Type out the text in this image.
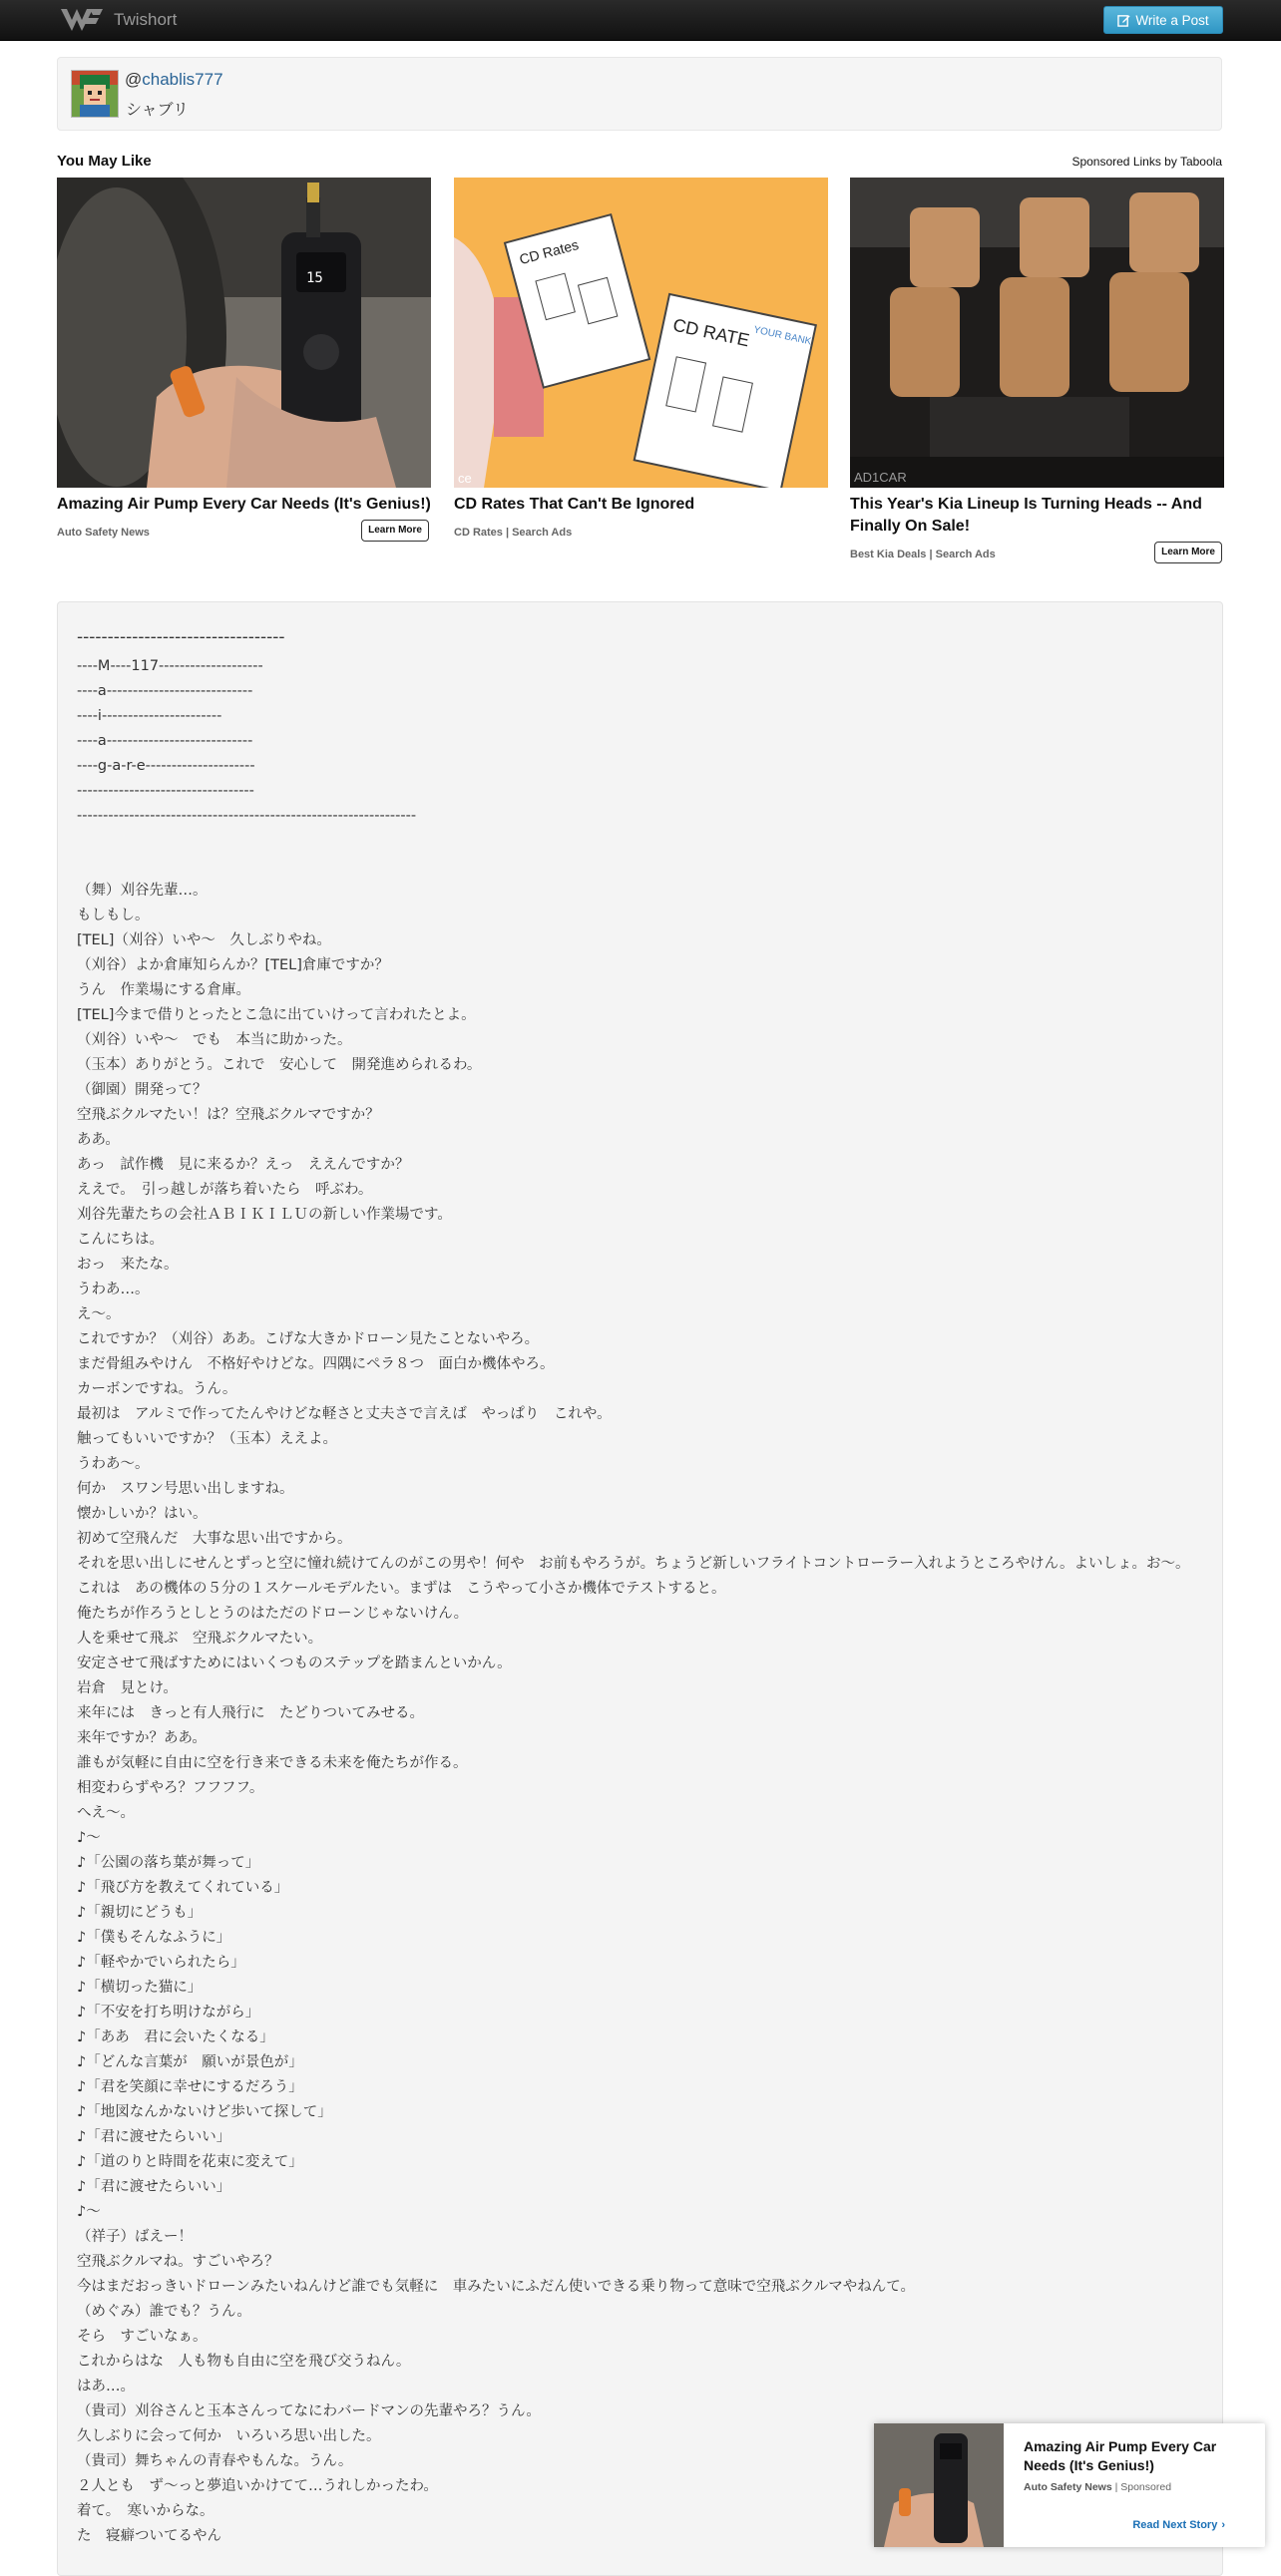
Twishort	Write a Post
@chablis777
シャブリ
You May Like	Sponsored Links by Taboola
15
Amazing Air Pump Every Car Needs (It's Genius!)
Auto Safety News	Learn More
CD Rates
CD RATE YOUR BANK
ce
CD Rates That Can't Be Ignored
CD Rates | Search Ads
AD1CAR
This Year's Kia Lineup Is Turning Heads -- And Finally On Sale!
Best Kia Deals | Search Ads	Learn More
----------------------------------
----M----117--------------------
----a----------------------------
----i-----------------------
----a----------------------------
----g-a-r-e---------------------
----------------------------------
-----------------------------------------------------------------

（舞）刈谷先輩…。
もしもし。
[TEL]（刈谷）いや～　久しぶりやね。
（刈谷）よか倉庫知らんか？[TEL]倉庫ですか？
うん　作業場にする倉庫。
[TEL]今まで借りとったとこ急に出ていけって言われたとよ。
（刈谷）いや～　でも　本当に助かった。
（玉本）ありがとう。これで　安心して　開発進められるわ。
（御園）開発って？
空飛ぶクルマたい！は？空飛ぶクルマですか？
ああ。
あっ　試作機　見に来るか？えっ　ええんですか？
ええで。　引っ越しが落ち着いたら　呼ぶわ。
刈谷先輩たちの会社ＡＢＩＫＩＬＵの新しい作業場です。
こんにちは。
おっ　来たな。
うわあ…。
え～。
これですか？（刈谷）ああ。こげな大きかドローン見たことないやろ。
まだ骨組みやけん　不格好やけどな。四隅にペラ８つ　面白か機体やろ。
カーボンですね。うん。
最初は　アルミで作ってたんやけどな軽さと丈夫さで言えば　やっぱり　これや。
触ってもいいですか？（玉本）ええよ。
うわあ～。
何か　スワン号思い出しますね。
懐かしいか？はい。
初めて空飛んだ　大事な思い出ですから。
それを思い出しにせんとずっと空に憧れ続けてんのがこの男や！何や　お前もやろうが。ちょうど新しいフライトコントローラー入れようところやけん。よいしょ。お～。
これは　あの機体の５分の１スケールモデルたい。まずは　こうやって小さか機体でテストすると。
俺たちが作ろうとしとうのはただのドローンじゃないけん。
人を乗せて飛ぶ　空飛ぶクルマたい。
安定させて飛ばすためにはいくつものステップを踏まんといかん。
岩倉　見とけ。
来年には　きっと有人飛行に　たどりついてみせる。
来年ですか？ああ。
誰もが気軽に自由に空を行き来できる未来を俺たちが作る。
相変わらずやろ？フフフフ。
へえ～。
♪～
♪「公園の落ち葉が舞って」
♪「飛び方を教えてくれている」
♪「親切にどうも」
♪「僕もそんなふうに」
♪「軽やかでいられたら」
♪「横切った猫に」
♪「不安を打ち明けながら」
♪「ああ　君に会いたくなる」
♪「どんな言葉が　願いが景色が」
♪「君を笑顔に幸せにするだろう」
♪「地図なんかないけど歩いて探して」
♪「君に渡せたらいい」
♪「道のりと時間を花束に変えて」
♪「君に渡せたらいい」
♪～
（祥子）ばえー！
空飛ぶクルマね。すごいやろ？
今はまだおっきいドローンみたいねんけど誰でも気軽に　車みたいにふだん使いできる乗り物って意味で空飛ぶクルマやねんて。
（めぐみ）誰でも？うん。
そら　すごいなぁ。
これからはな　人も物も自由に空を飛び交うねん。
はあ…。
（貴司）刈谷さんと玉本さんってなにわバードマンの先輩やろ？うん。
久しぶりに会って何か　いろいろ思い出した。
（貴司）舞ちゃんの青春やもんな。うん。
２人とも　ず～っと夢追いかけてて…うれしかったわ。
着て。　寒いからな。
た　寝癖ついてるやん
Amazing Air Pump Every Car Needs (It's Genius!)
Auto Safety News | Sponsored
Read Next Story ›
